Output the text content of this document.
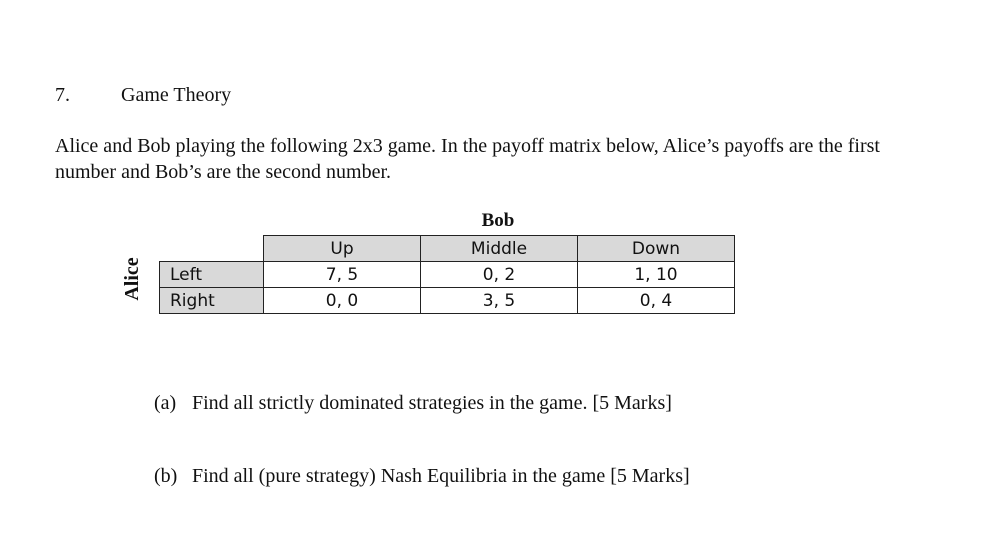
7.	Game Theory
Alice and Bob playing the following 2x3 game. In the payoff matrix below, Alice’s payoffs are the first number and Bob’s are the second number.
Bob
Alice
	Up	Middle	Down
Left	7, 5	0, 2	1, 10
Right	0, 0	3, 5	0, 4
(a) Find all strictly dominated strategies in the game. [5 Marks]
(b) Find all (pure strategy) Nash Equilibria in the game [5 Marks]
